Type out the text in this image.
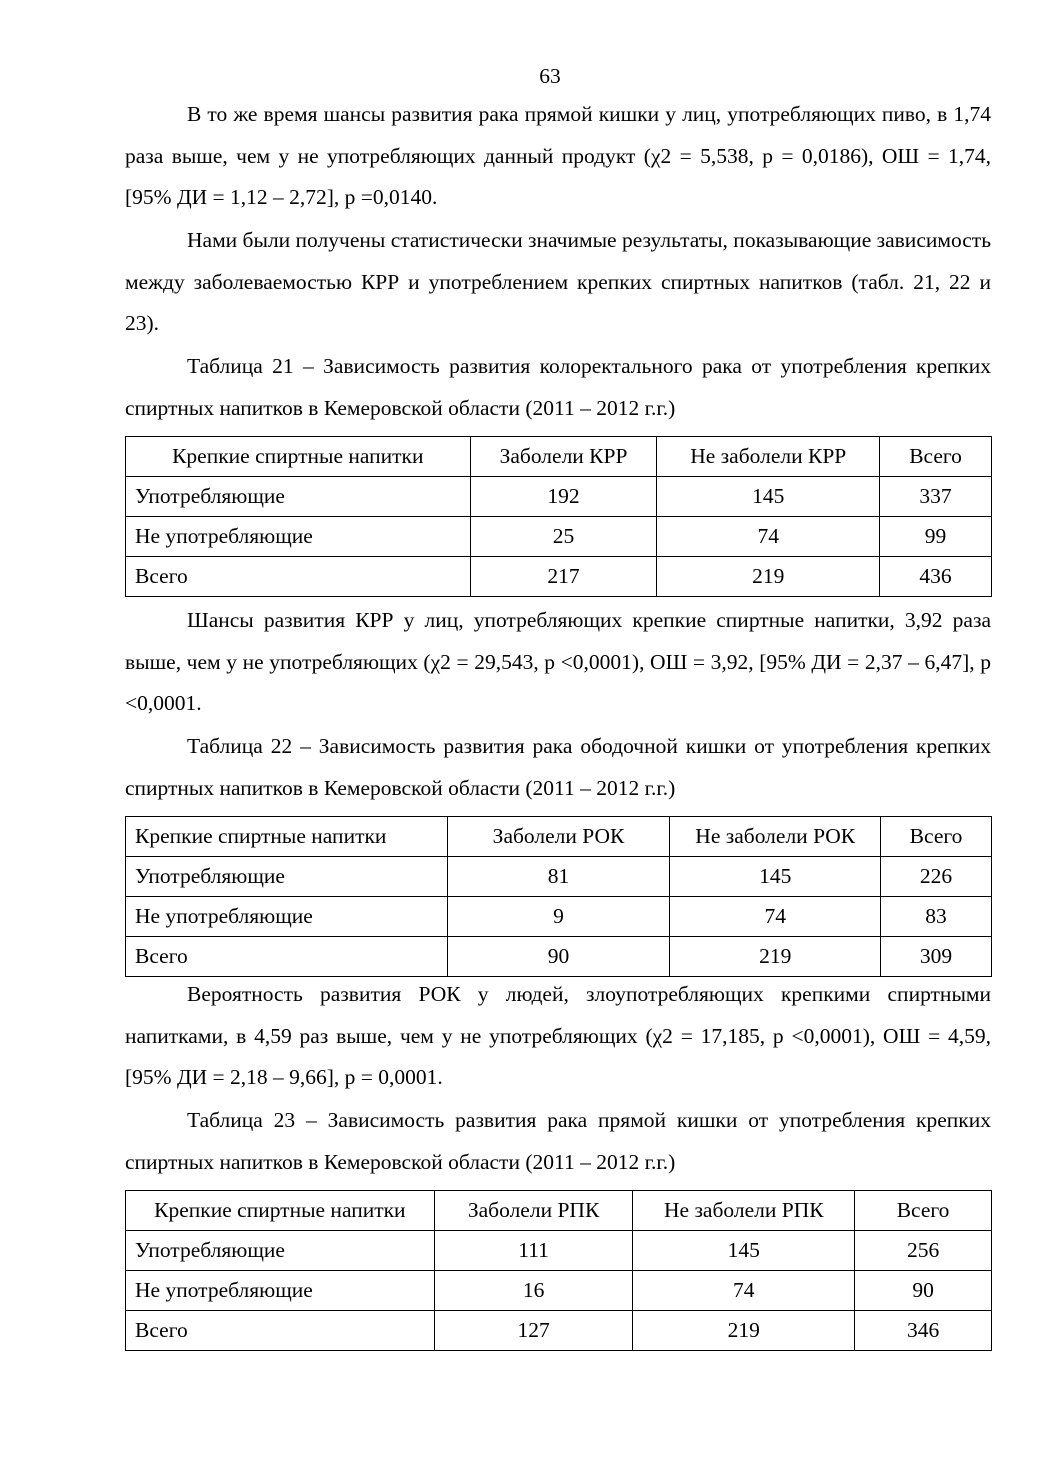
63

В то же время шансы развития рака прямой кишки у лиц, употребляющих пиво, в 1,74 раза выше, чем у не употребляющих данный продукт (χ2 = 5,538, p = 0,0186), ОШ = 1,74, [95% ДИ = 1,12 – 2,72], p =0,0140.

Нами были получены статистически значимые результаты, показывающие зависимость между заболеваемостью КРР и употреблением крепких спиртных напитков (табл. 21, 22 и 23).

Таблица 21 – Зависимость развития колоректального рака от употребления крепких спиртных напитков в Кемеровской области (2011 – 2012 г.г.)

Крепкие спиртные напитки	Заболели КРР	Не заболели КРР	Всего
Употребляющие	192	145	337
Не употребляющие	25	74	99
Всего	217	219	436

Шансы развития КРР у лиц, употребляющих крепкие спиртные напитки, 3,92 раза выше, чем у не употребляющих (χ2 = 29,543, p <0,0001), ОШ = 3,92, [95% ДИ = 2,37 – 6,47], p <0,0001.

Таблица 22 – Зависимость развития рака ободочной кишки от употребления крепких спиртных напитков в Кемеровской области (2011 – 2012 г.г.)

Крепкие спиртные напитки	Заболели РОК	Не заболели РОК	Всего
Употребляющие	81	145	226
Не употребляющие	9	74	83
Всего	90	219	309

Вероятность развития РОК у людей, злоупотребляющих крепкими спиртными напитками, в 4,59 раз выше, чем у не употребляющих (χ2 = 17,185, p <0,0001), ОШ = 4,59, [95% ДИ = 2,18 – 9,66], p = 0,0001.

Таблица 23 – Зависимость развития рака прямой кишки от употребления крепких спиртных напитков в Кемеровской области (2011 – 2012 г.г.)

Крепкие спиртные напитки	Заболели РПК	Не заболели РПК	Всего
Употребляющие	111	145	256
Не употребляющие	16	74	90
Всего	127	219	346
